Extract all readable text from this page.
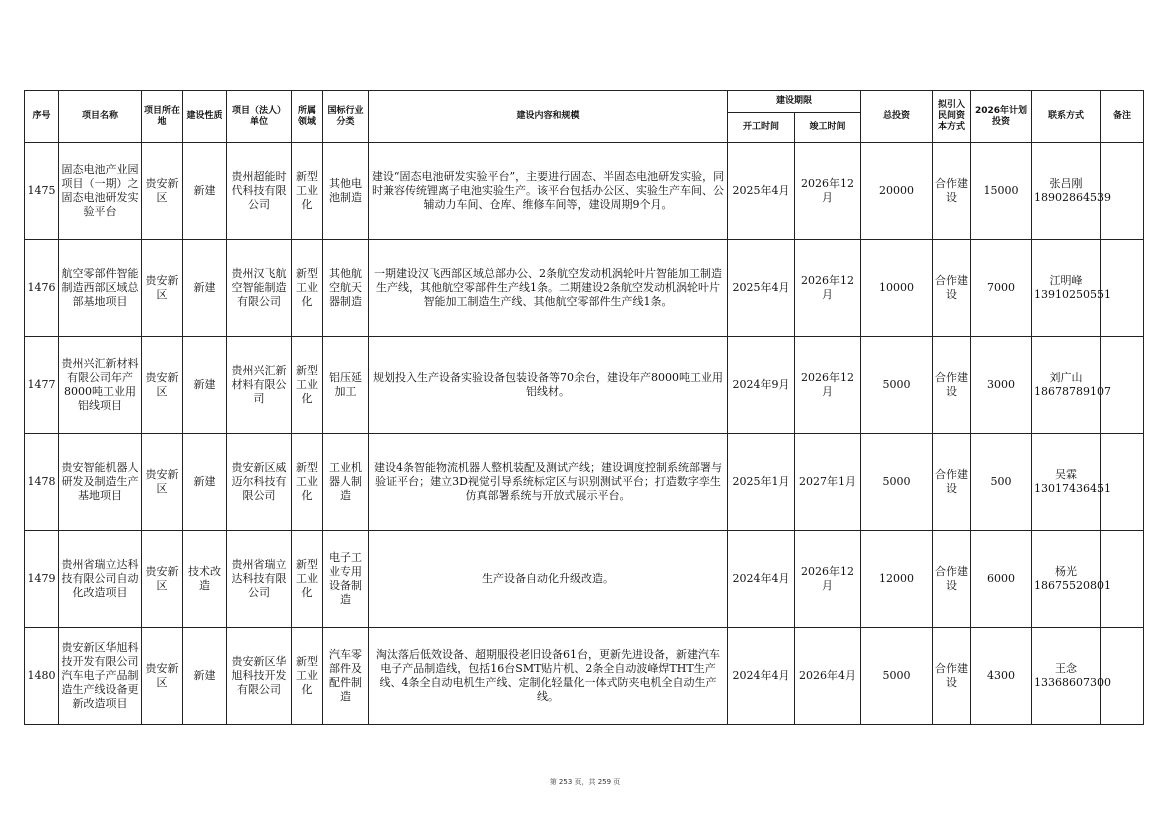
序号	项目名称	项目所在地	建设性质	项目（法人）单位	所属领域	国标行业分类	建设内容和规模	建设期限		总投资	拟引入民间资本方式	2026年计划投资	联系方式	备注
								开工时间	竣工时间					
1475	固态电池产业园项目（一期）之固态电池研发实验平台	贵安新区	新建	贵州超能时代科技有限公司	新型工业化	其他电池制造	建设“固态电池研发实验平台”，主要进行固态、半固态电池研发实验，同时兼容传统锂离子电池实验生产。该平台包括办公区、实验生产车间、公辅动力车间、仓库、维修车间等，建设周期9个月。	2025年4月	2026年12月	20000	合作建设	15000	张吕刚
18902864539	

1476	航空零部件智能制造西部区域总部基地项目	贵安新区	新建	贵州汉飞航空智能制造有限公司	新型工业化	其他航空航天器制造	一期建设汉飞西部区域总部办公、2条航空发动机涡轮叶片智能加工制造生产线，其他航空零部件生产线1条。二期建设2条航空发动机涡轮叶片智能加工制造生产线、其他航空零部件生产线1条。	2025年4月	2026年12月	10000	合作建设	7000	江明峰
13910250551	

1477	贵州兴汇新材料有限公司年产8000吨工业用铝线项目	贵安新区	新建	贵州兴汇新材料有限公司	新型工业化	铝压延加工	规划投入生产设备实验设备包装设备等70余台，建设年产8000吨工业用铝线材。	2024年9月	2026年12月	5000	合作建设	3000	刘广山
18678789107	

1478	贵安智能机器人研发及制造生产基地项目	贵安新区	新建	贵安新区威迈尔科技有限公司	新型工业化	工业机器人制造	建设4条智能物流机器人整机装配及测试产线；建设调度控制系统部署与验证平台；建立3D视觉引导系统标定区与识别测试平台；打造数字孪生仿真部署系统与开放式展示平台。	2025年1月	2027年1月	5000	合作建设	500	吴霖
13017436451	

1479	贵州省瑞立达科技有限公司自动化改造项目	贵安新区	技术改造	贵州省瑞立达科技有限公司	新型工业化	电子工业专用设备制造	生产设备自动化升级改造。	2024年4月	2026年12月	12000	合作建设	6000	杨光
18675520801	

1480	贵安新区华旭科技开发有限公司汽车电子产品制造生产线设备更新改造项目	贵安新区	新建	贵安新区华旭科技开发有限公司	新型工业化	汽车零部件及配件制造	淘汰落后低效设备、超期服役老旧设备61台，更新先进设备，新建汽车电子产品制造线，包括16台SMT贴片机、2条全自动波峰焊THT生产线、4条全自动电机生产线、定制化轻量化一体式防夹电机全自动生产线。	2024年4月	2026年4月	5000	合作建设	4300	王念
13368607300	

第 253 页，共 259 页
